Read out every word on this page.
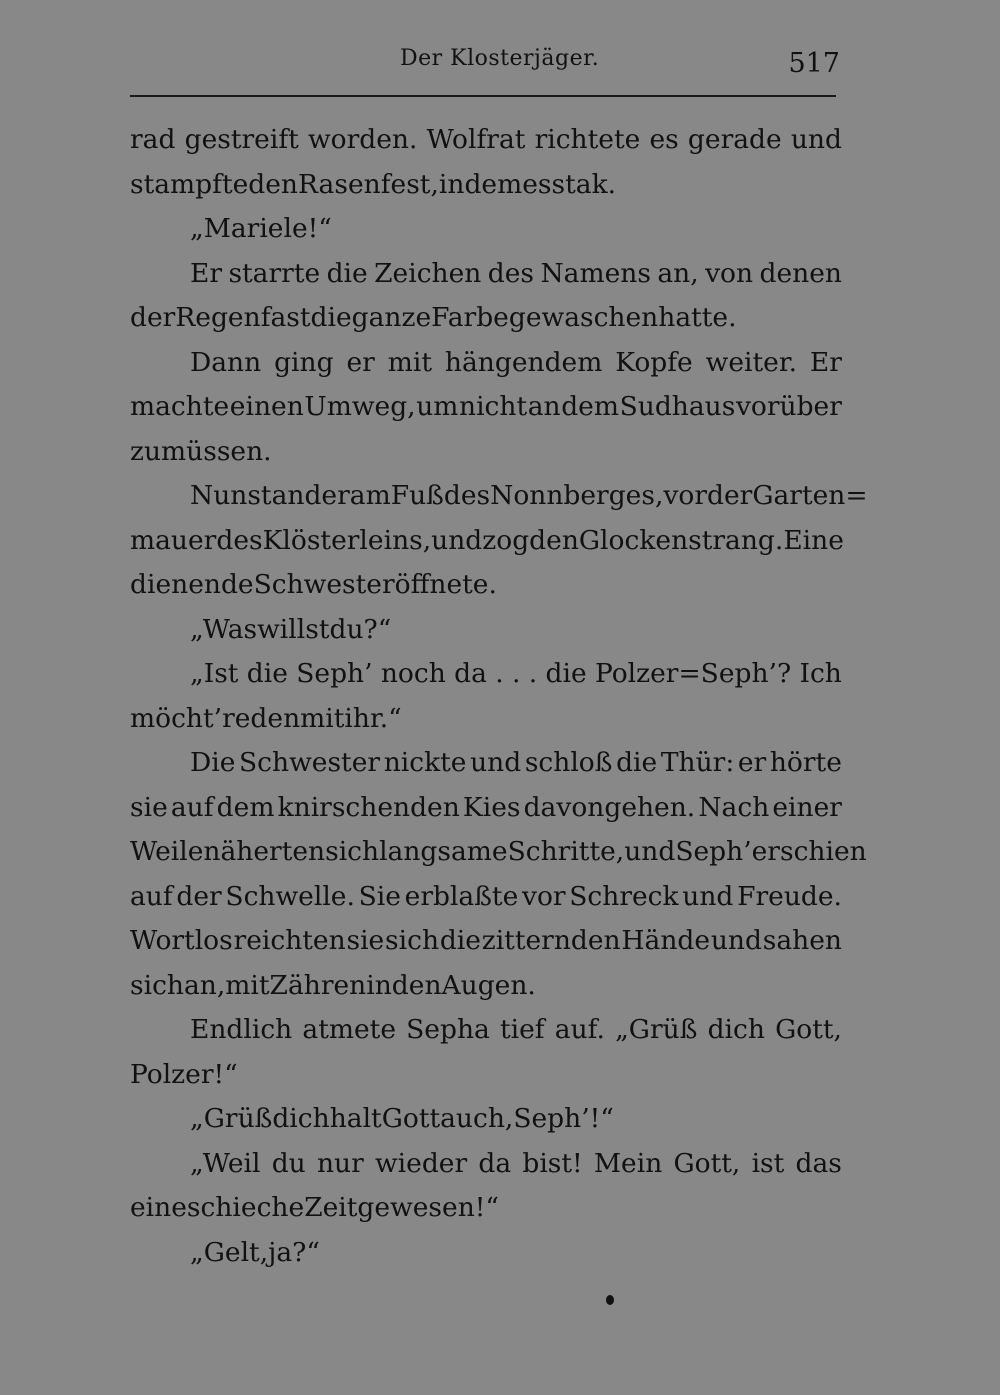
Der Klosterjäger.	517
rad gestreift worden. Wolfrat richtete es gerade und
stampfte den Rasen fest, in dem es stak.
„Mariele!“
Er starrte die Zeichen des Namens an, von denen
der Regen fast die ganze Farbe gewaschen hatte.
Dann ging er mit hängendem Kopfe weiter. Er
machte einen Umweg, um nicht an dem Sudhaus vorüber
zu müssen.
Nun stand er am Fuß des Nonnberges, vor der Garten=
mauer des Klösterleins, und zog den Glockenstrang. Eine
dienende Schwester öffnete.
„Was willst du?“
„Ist die Seph’ noch da . . . die Polzer=Seph’? Ich
möcht’ reden mit ihr.“
Die Schwester nickte und schloß die Thür: er hörte
sie auf dem knirschenden Kies davongehen. Nach einer
Weile näherten sich langsame Schritte, und Seph’ erschien
auf der Schwelle. Sie erblaßte vor Schreck und Freude.
Wortlos reichten sie sich die zitternden Hände und sahen
sich an, mit Zähren in den Augen.
Endlich atmete Sepha tief auf. „Grüß dich Gott,
Polzer!“
„Grüß dich halt Gott auch, Seph’!“
„Weil du nur wieder da bist! Mein Gott, ist das
eine schieche Zeit gewesen!“
„Gelt, ja?“
